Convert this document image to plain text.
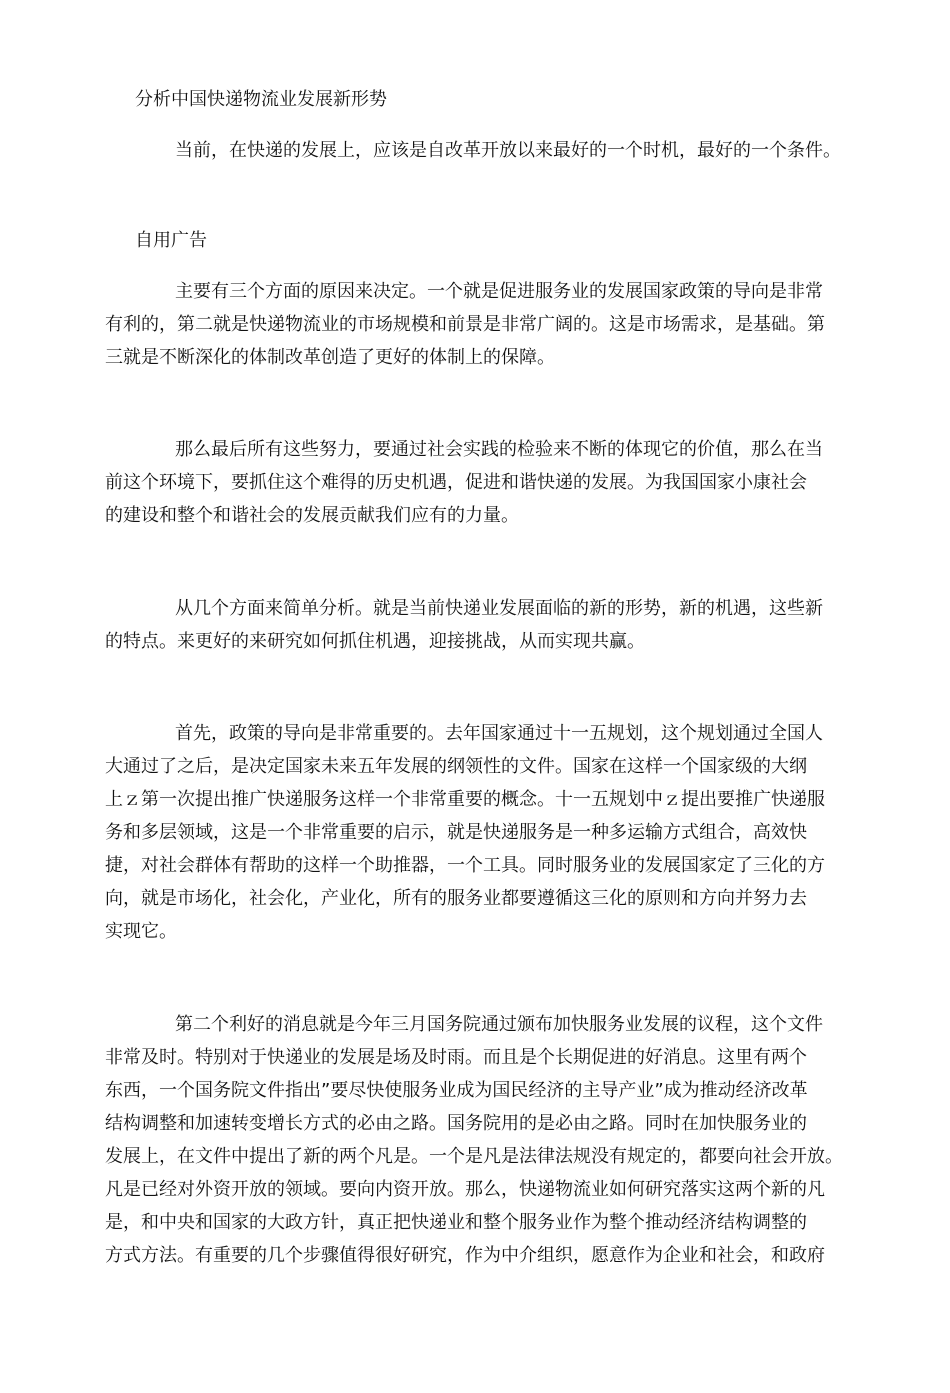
分析中国快递物流业发展新形势
当前，在快递的发展上，应该是自改革开放以来最好的一个时机，最好的一个条件。
自用广告
主要有三个方面的原因来决定。一个就是促进服务业的发展国家政策的导向是非常
有利的，第二就是快递物流业的市场规模和前景是非常广阔的。这是市场需求，是基础。第
三就是不断深化的体制改革创造了更好的体制上的保障。
那么最后所有这些努力，要通过社会实践的检验来不断的体现它的价值，那么在当
前这个环境下，要抓住这个难得的历史机遇，促进和谐快递的发展。为我国国家小康社会
的建设和整个和谐社会的发展贡献我们应有的力量。
从几个方面来简单分析。就是当前快递业发展面临的新的形势，新的机遇，这些新
的特点。来更好的来研究如何抓住机遇，迎接挑战，从而实现共赢。
首先，政策的导向是非常重要的。去年国家通过十一五规划，这个规划通过全国人
大通过了之后，是决定国家未来五年发展的纲领性的文件。国家在这样一个国家级的大纲
上ｚ第一次提出推广快递服务这样一个非常重要的概念。十一五规划中ｚ提出要推广快递服
务和多层领域，这是一个非常重要的启示，就是快递服务是一种多运输方式组合，高效快
捷，对社会群体有帮助的这样一个助推器，一个工具。同时服务业的发展国家定了三化的方
向，就是市场化，社会化，产业化，所有的服务业都要遵循这三化的原则和方向并努力去
实现它。
第二个利好的消息就是今年三月国务院通过颁布加快服务业发展的议程，这个文件
非常及时。特别对于快递业的发展是场及时雨。而且是个长期促进的好消息。这里有两个
东西，一个国务院文件指出”要尽快使服务业成为国民经济的主导产业”成为推动经济改革
结构调整和加速转变增长方式的必由之路。国务院用的是必由之路。同时在加快服务业的
发展上，在文件中提出了新的两个凡是。一个是凡是法律法规没有规定的，都要向社会开放。
凡是已经对外资开放的领域。要向内资开放。那么，快递物流业如何研究落实这两个新的凡
是，和中央和国家的大政方针，真正把快递业和整个服务业作为整个推动经济结构调整的
方式方法。有重要的几个步骤值得很好研究，作为中介组织，愿意作为企业和社会，和政府
